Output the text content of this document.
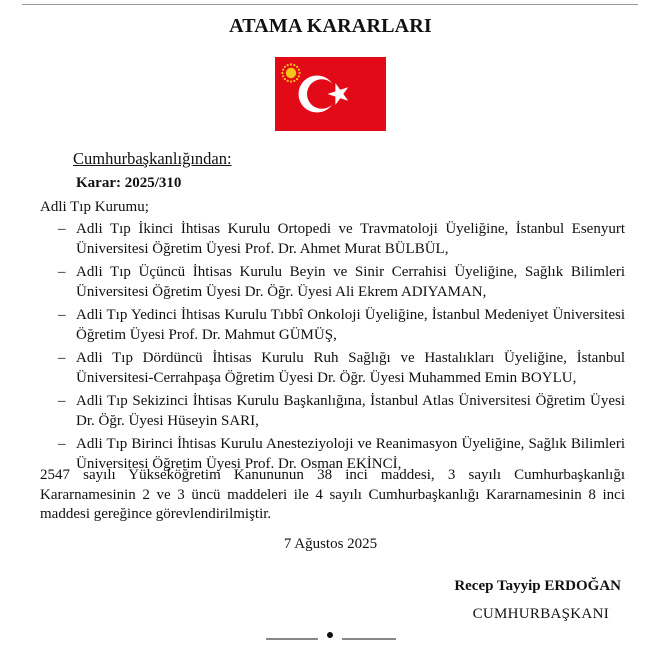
ATAMA KARARLARI
Cumhurbaşkanlığından:
Karar: 2025/310
Adli Tıp Kurumu;
– Adli Tıp İkinci İhtisas Kurulu Ortopedi ve Travmatoloji Üyeliğine, İstanbul Esenyurt Üniversitesi Öğretim Üyesi Prof. Dr. Ahmet Murat BÜLBÜL,
– Adli Tıp Üçüncü İhtisas Kurulu Beyin ve Sinir Cerrahisi Üyeliğine, Sağlık Bilimleri Üniversitesi Öğretim Üyesi Dr. Öğr. Üyesi Ali Ekrem ADIYAMAN,
– Adli Tıp Yedinci İhtisas Kurulu Tıbbî Onkoloji Üyeliğine, İstanbul Medeniyet Üniversitesi Öğretim Üyesi Prof. Dr. Mahmut GÜMÜŞ,
– Adli Tıp Dördüncü İhtisas Kurulu Ruh Sağlığı ve Hastalıkları Üyeliğine, İstanbul Üniversitesi-Cerrahpaşa Öğretim Üyesi Dr. Öğr. Üyesi Muhammed Emin BOYLU,
– Adli Tıp Sekizinci İhtisas Kurulu Başkanlığına, İstanbul Atlas Üniversitesi Öğretim Üyesi Dr. Öğr. Üyesi Hüseyin SARI,
– Adli Tıp Birinci İhtisas Kurulu Anesteziyoloji ve Reanimasyon Üyeliğine, Sağlık Bilimleri Üniversitesi Öğretim Üyesi Prof. Dr. Osman EKİNCİ,
2547 sayılı Yükseköğretim Kanununun 38 inci maddesi, 3 sayılı Cumhurbaşkanlığı Kararnamesinin 2 ve 3 üncü maddeleri ile 4 sayılı Cumhurbaşkanlığı Kararnamesinin 8 inci maddesi gereğince görevlendirilmiştir.
7 Ağustos 2025
Recep Tayyip ERDOĞAN
CUMHURBAŞKANI
